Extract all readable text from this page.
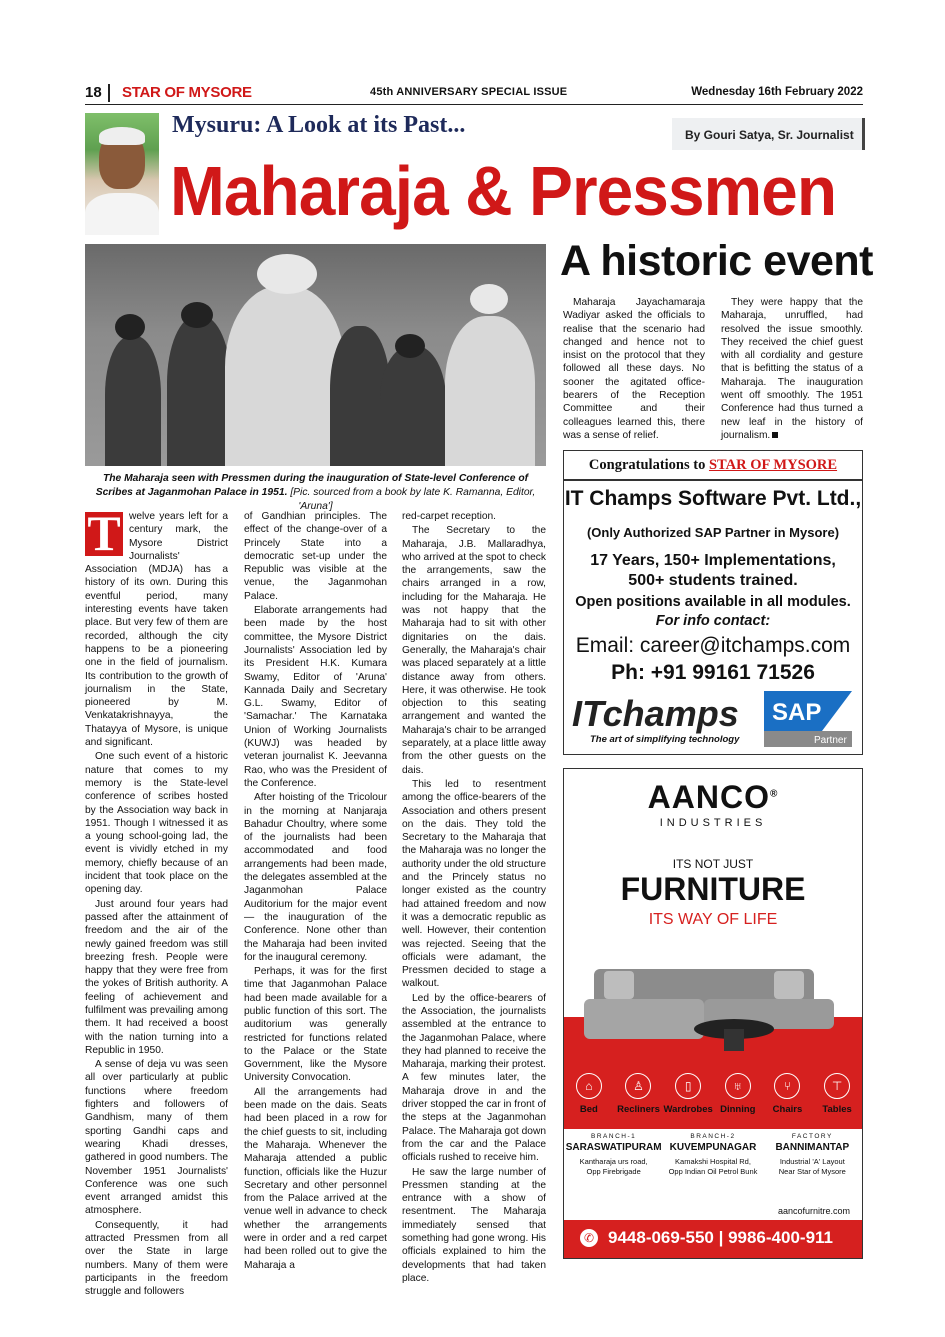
18 STAR OF MYSORE	45th ANNIVERSARY SPECIAL ISSUE	Wednesday 16th February 2022
Mysuru: A Look at its Past...	By Gouri Satya, Sr. Journalist
Maharaja & Pressmen
A historic event
The Maharaja seen with Pressmen during the inauguration of State-level Conference of Scribes at Jaganmohan Palace in 1951. [Pic. sourced from a book by late K. Ramanna, Editor, 'Aruna']
T welve years left for a century mark, the Mysore District Journalists' Association (MDJA) has a history of its own. During this eventful period, many interesting events have taken place. But very few of them are recorded, although the city happens to be a pioneering one in the field of journalism. Its contribution to the growth of journalism in the State, pioneered by M. Venkatakrishnayya, the Thatayya of Mysore, is unique and significant.

One such event of a historic nature that comes to my memory is the State-level conference of scribes hosted by the Association way back in 1951. Though I witnessed it as a young school-going lad, the event is vividly etched in my memory, chiefly because of an incident that took place on the opening day.

Just around four years had passed after the attainment of freedom and the air of the newly gained freedom was still breezing fresh. People were happy that they were free from the yokes of British authority. A feeling of achievement and fulfilment was prevailing among them. It had received a boost with the nation turning into a Republic in 1950.

A sense of deja vu was seen all over particularly at public functions where freedom fighters and followers of Gandhism, many of them sporting Gandhi caps and wearing Khadi dresses, gathered in good numbers. The November 1951 Journalists' Conference was one such event arranged amidst this atmosphere.

Consequently, it had attracted Pressmen from all over the State in large numbers. Many of them were participants in the freedom struggle and followers

of Gandhian principles. The effect of the change-over of a Princely State into a democratic set-up under the Republic was visible at the venue, the Jaganmohan Palace.

Elaborate arrangements had been made by the host committee, the Mysore District Journalists' Association led by its President H.K. Kumara Swamy, Editor of 'Aruna' Kannada Daily and Secretary G.L. Swamy, Editor of 'Samachar.' The Karnataka Union of Working Journalists (KUWJ) was headed by veteran journalist K. Jeevanna Rao, who was the President of the Conference.

After hoisting of the Tricolour in the morning at Nanjaraja Bahadur Choultry, where some of the journalists had been accommodated and food arrangements had been made, the delegates assembled at the Jaganmohan Palace Auditorium for the major event — the inauguration of the Conference. None other than the Maharaja had been invited for the inaugural ceremony.

Perhaps, it was for the first time that Jaganmohan Palace had been made available for a public function of this sort. The auditorium was generally restricted for functions related to the Palace or the State Government, like the Mysore University Convocation.

All the arrangements had been made on the dais. Seats had been placed in a row for the chief guests to sit, including the Maharaja. Whenever the Maharaja attended a public function, officials like the Huzur Secretary and other personnel from the Palace arrived at the venue well in advance to check whether the arrangements were in order and a red carpet had been rolled out to give the Maharaja a

red-carpet reception.

The Secretary to the Maharaja, J.B. Mallaradhya, who arrived at the spot to check the arrangements, saw the chairs arranged in a row, including for the Maharaja. He was not happy that the Maharaja had to sit with other dignitaries on the dais. Generally, the Maharaja's chair was placed separately at a little distance away from others. Here, it was otherwise. He took objection to this seating arrangement and wanted the Maharaja's chair to be arranged separately, at a place little away from the other guests on the dais.

This led to resentment among the office-bearers of the Association and others present on the dais. They told the Secretary to the Maharaja that the Maharaja was no longer the authority under the old structure and the Princely status no longer existed as the country had attained freedom and now it was a democratic republic as well. However, their contention was rejected. Seeing that the officials were adamant, the Pressmen decided to stage a walkout.

Led by the office-bearers of the Association, the journalists assembled at the entrance to the Jaganmohan Palace, where they had planned to receive the Maharaja, marking their protest. A few minutes later, the Maharaja drove in and the driver stopped the car in front of the steps at the Jaganmohan Palace. The Maharaja got down from the car and the Palace officials rushed to receive him.

He saw the large number of Pressmen standing at the entrance with a show of resentment. The Maharaja immediately sensed that something had gone wrong. His officials explained to him the developments that had taken place.

Maharaja Jayachamaraja Wadiyar asked the officials to realise that the scenario had changed and hence not to insist on the protocol that they followed all these days. No sooner the agitated office-bearers of the Reception Committee and their colleagues learned this, there was a sense of relief.

They were happy that the Maharaja, unruffled, had resolved the issue smoothly. They received the chief guest with all cordiality and gesture that is befitting the status of a Maharaja. The inauguration went off smoothly. The 1951 Conference had thus turned a new leaf in the history of journalism.

Congratulations to STAR OF MYSORE
IT Champs Software Pvt. Ltd.,
(Only Authorized SAP Partner in Mysore)
17 Years, 150+ Implementations,
500+ students trained.
Open positions available in all modules.
For info contact:
Email: career@itchamps.com
Ph: +91 99161 71526
ITchamps
The art of simplifying technology
SAP
Partner
AANCO®
INDUSTRIES
ITS NOT JUST
FURNITURE
ITS WAY OF LIFE
⌂
Bed
♙
Recliners
▯
Wardrobes
♅
Dinning
⑂
Chairs
⊤
Tables
BRANCH-1
SARASWATIPURAM
Kantharaja urs road,
Opp Firebrigade
BRANCH-2
KUVEMPUNAGAR
Kamakshi Hospital Rd,
Opp Indian Oil Petrol Bunk
FACTORY
BANNIMANTAP
Industrial 'A' Layout
Near Star of Mysore
aancofurnitre.com
✆ 9448-069-550 | 9986-400-911
